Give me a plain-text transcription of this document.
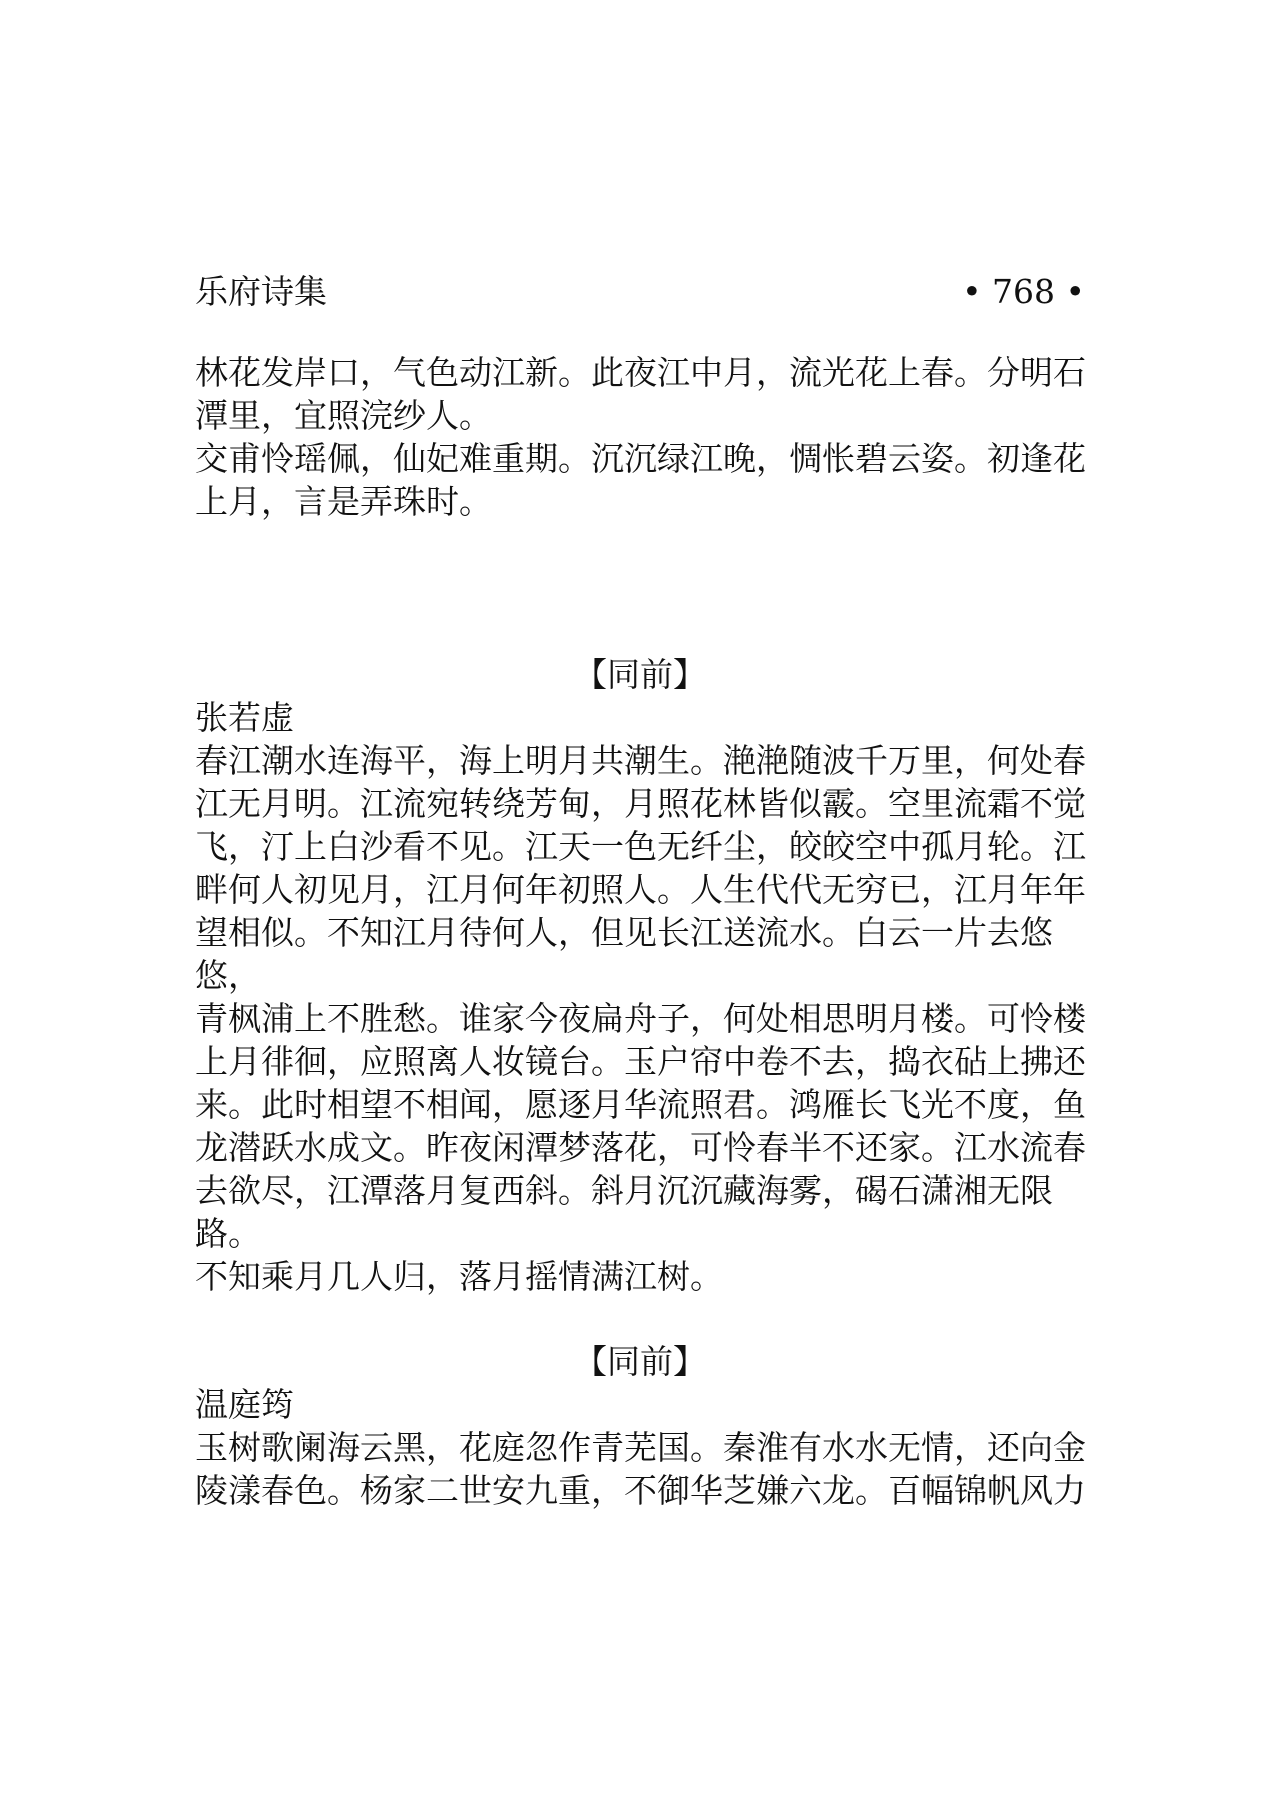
乐府诗集	• 768 •

林花发岸口，气色动江新。此夜江中月，流光花上春。分明石
潭里，宜照浣纱人。

交甫怜瑶佩，仙妃难重期。沉沉绿江晚，惆怅碧云姿。初逢花
上月，言是弄珠时。

【同前】

张若虚

春江潮水连海平，海上明月共潮生。滟滟随波千万里，何处春
江无月明。江流宛转绕芳甸，月照花林皆似霰。空里流霜不觉
飞，汀上白沙看不见。江天一色无纤尘，皎皎空中孤月轮。江
畔何人初见月，江月何年初照人。人生代代无穷已，江月年年
望相似。不知江月待何人，但见长江送流水。白云一片去悠悠，
青枫浦上不胜愁。谁家今夜扁舟子，何处相思明月楼。可怜楼
上月徘徊，应照离人妆镜台。玉户帘中卷不去，捣衣砧上拂还
来。此时相望不相闻，愿逐月华流照君。鸿雁长飞光不度，鱼
龙潜跃水成文。昨夜闲潭梦落花，可怜春半不还家。江水流春
去欲尽，江潭落月复西斜。斜月沉沉藏海雾，碣石潇湘无限路。
不知乘月几人归，落月摇情满江树。

【同前】

温庭筠

玉树歌阑海云黑，花庭忽作青芜国。秦淮有水水无情，还向金
陵漾春色。杨家二世安九重，不御华芝嫌六龙。百幅锦帆风力
